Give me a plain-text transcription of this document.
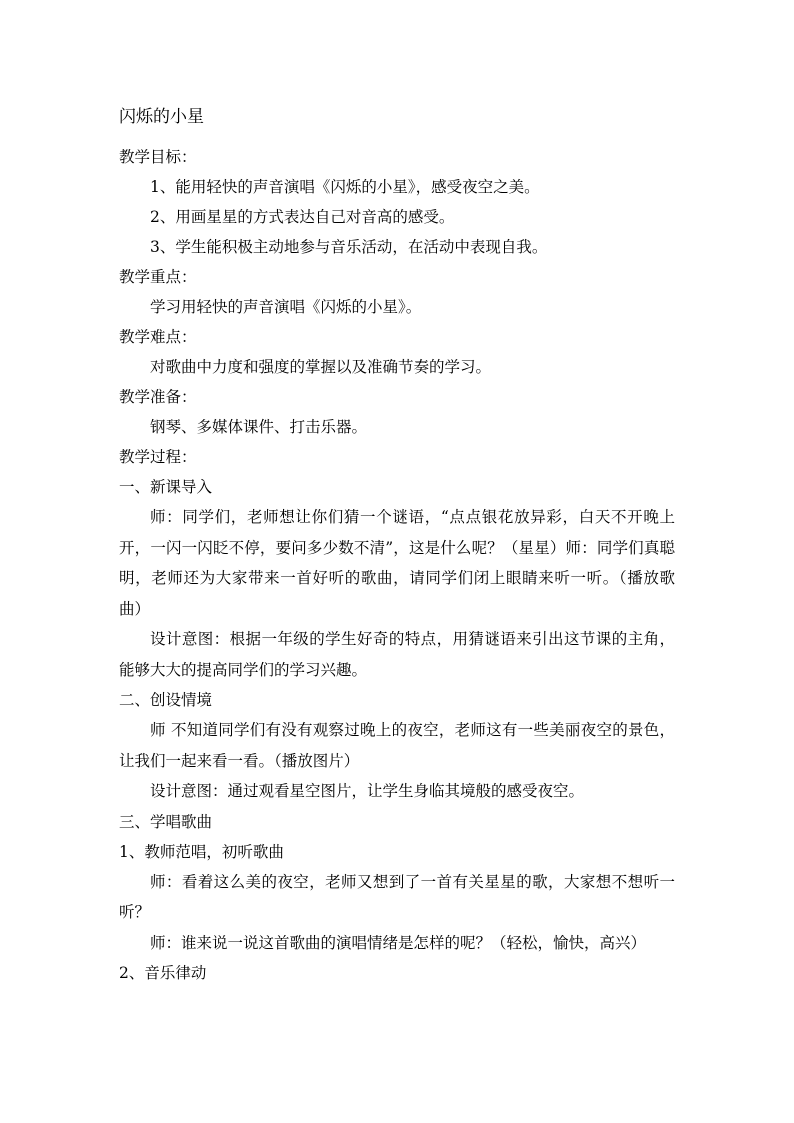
闪烁的小星

教学目标：

1、能用轻快的声音演唱《闪烁的小星》，感受夜空之美。

2、用画星星的方式表达自己对音高的感受。

3、学生能积极主动地参与音乐活动，在活动中表现自我。

教学重点：

学习用轻快的声音演唱《闪烁的小星》。

教学难点：

对歌曲中力度和强度的掌握以及准确节奏的学习。

教学准备：

钢琴、多媒体课件、打击乐器。

教学过程：

一、新课导入

师：同学们，老师想让你们猜一个谜语，“点点银花放异彩，白天不开晚上开，一闪一闪眨不停，要问多少数不清”，这是什么呢？（星星）师：同学们真聪明，老师还为大家带来一首好听的歌曲，请同学们闭上眼睛来听一听。（播放歌曲）

设计意图：根据一年级的学生好奇的特点，用猜谜语来引出这节课的主角，能够大大的提高同学们的学习兴趣。

二、创设情境

师 不知道同学们有没有观察过晚上的夜空，老师这有一些美丽夜空的景色，让我们一起来看一看。（播放图片）

设计意图：通过观看星空图片，让学生身临其境般的感受夜空。

三、学唱歌曲

1、教师范唱，初听歌曲

师：看着这么美的夜空，老师又想到了一首有关星星的歌，大家想不想听一听？

师：谁来说一说这首歌曲的演唱情绪是怎样的呢？（轻松，愉快，高兴）

2、音乐律动
